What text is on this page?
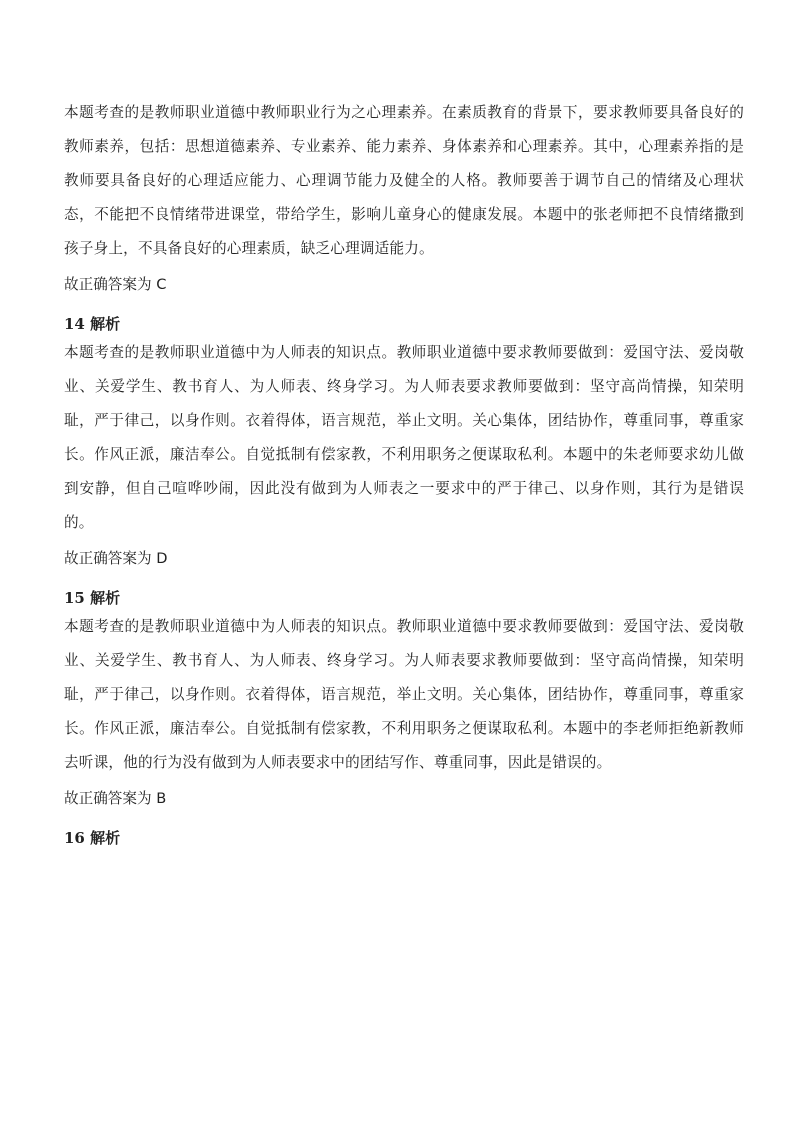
本题考查的是教师职业道德中教师职业行为之心理素养。在素质教育的背景下，要求教师要具备良好的教师素养，包括：思想道德素养、专业素养、能力素养、身体素养和心理素养。其中，心理素养指的是教师要具备良好的心理适应能力、心理调节能力及健全的人格。教师要善于调节自己的情绪及心理状态，不能把不良情绪带进课堂，带给学生，影响儿童身心的健康发展。本题中的张老师把不良情绪撒到孩子身上，不具备良好的心理素质，缺乏心理调适能力。

故正确答案为 C

14 解析

本题考查的是教师职业道德中为人师表的知识点。教师职业道德中要求教师要做到：爱国守法、爱岗敬业、关爱学生、教书育人、为人师表、终身学习。为人师表要求教师要做到：坚守高尚情操，知荣明耻，严于律己，以身作则。衣着得体，语言规范，举止文明。关心集体，团结协作，尊重同事，尊重家长。作风正派，廉洁奉公。自觉抵制有偿家教，不利用职务之便谋取私利。本题中的朱老师要求幼儿做到安静，但自己喧哗吵闹，因此没有做到为人师表之一要求中的严于律己、以身作则，其行为是错误的。

故正确答案为 D

15 解析

本题考查的是教师职业道德中为人师表的知识点。教师职业道德中要求教师要做到：爱国守法、爱岗敬业、关爱学生、教书育人、为人师表、终身学习。为人师表要求教师要做到：坚守高尚情操，知荣明耻，严于律己，以身作则。衣着得体，语言规范，举止文明。关心集体，团结协作，尊重同事，尊重家长。作风正派，廉洁奉公。自觉抵制有偿家教，不利用职务之便谋取私利。本题中的李老师拒绝新教师去听课，他的行为没有做到为人师表要求中的团结写作、尊重同事，因此是错误的。

故正确答案为 B

16 解析
